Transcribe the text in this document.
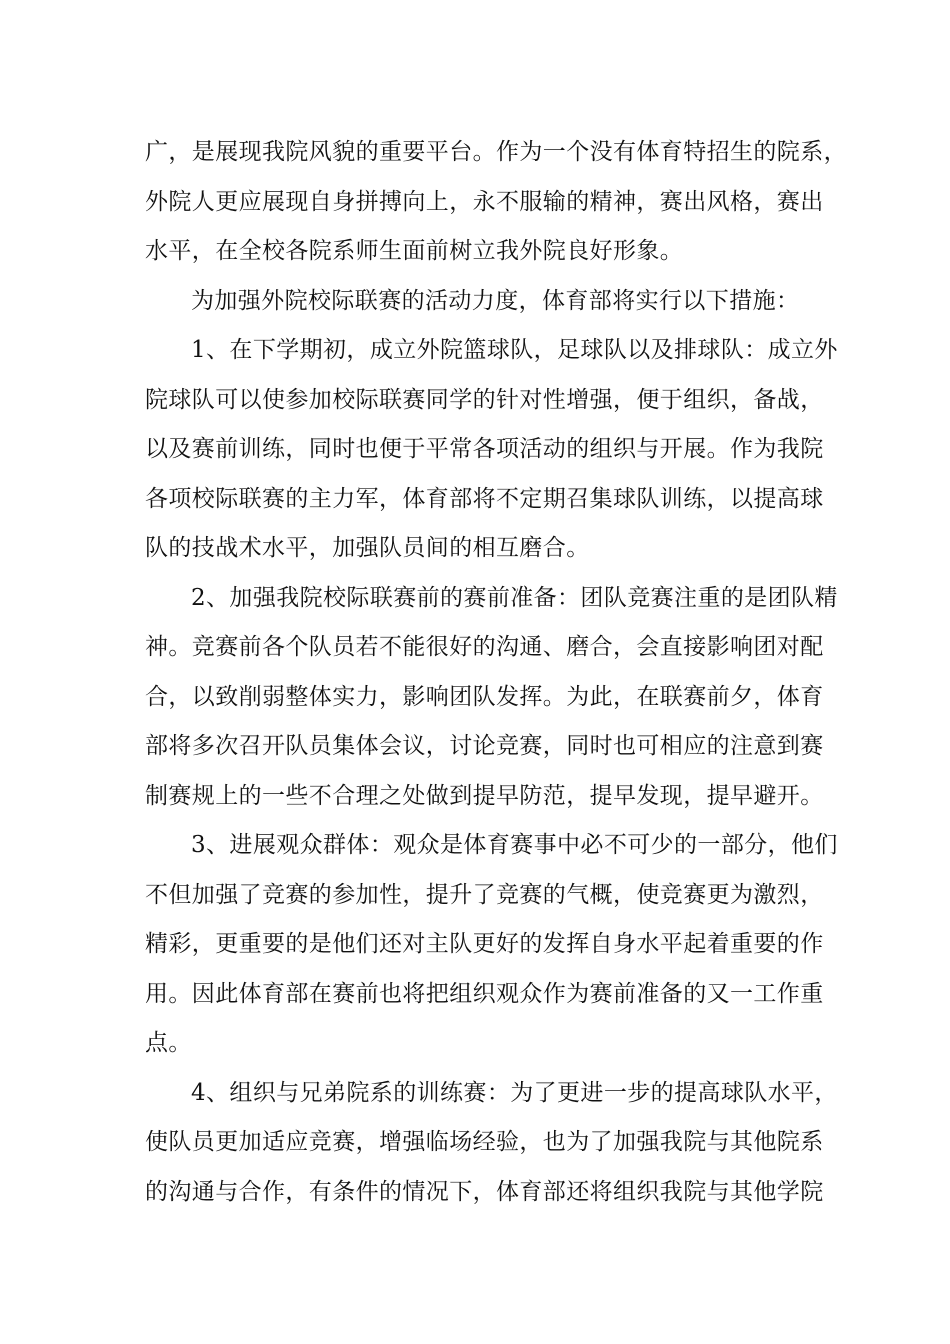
广，是展现我院风貌的重要平台。作为一个没有体育特招生的院系，
外院人更应展现自身拼搏向上，永不服输的精神，赛出风格，赛出
水平，在全校各院系师生面前树立我外院良好形象。
为加强外院校际联赛的活动力度，体育部将实行以下措施：
1、在下学期初，成立外院篮球队，足球队以及排球队：成立外
院球队可以使参加校际联赛同学的针对性增强，便于组织，备战，
以及赛前训练，同时也便于平常各项活动的组织与开展。作为我院
各项校际联赛的主力军，体育部将不定期召集球队训练，以提高球
队的技战术水平，加强队员间的相互磨合。
2、加强我院校际联赛前的赛前准备：团队竞赛注重的是团队精
神。竞赛前各个队员若不能很好的沟通、磨合，会直接影响团对配
合，以致削弱整体实力，影响团队发挥。为此，在联赛前夕，体育
部将多次召开队员集体会议，讨论竞赛，同时也可相应的注意到赛
制赛规上的一些不合理之处做到提早防范，提早发现，提早避开。
3、进展观众群体：观众是体育赛事中必不可少的一部分，他们
不但加强了竞赛的参加性，提升了竞赛的气概，使竞赛更为激烈，
精彩，更重要的是他们还对主队更好的发挥自身水平起着重要的作
用。因此体育部在赛前也将把组织观众作为赛前准备的又一工作重
点。
4、组织与兄弟院系的训练赛：为了更进一步的提高球队水平，
使队员更加适应竞赛，增强临场经验，也为了加强我院与其他院系
的沟通与合作，有条件的情况下，体育部还将组织我院与其他学院
